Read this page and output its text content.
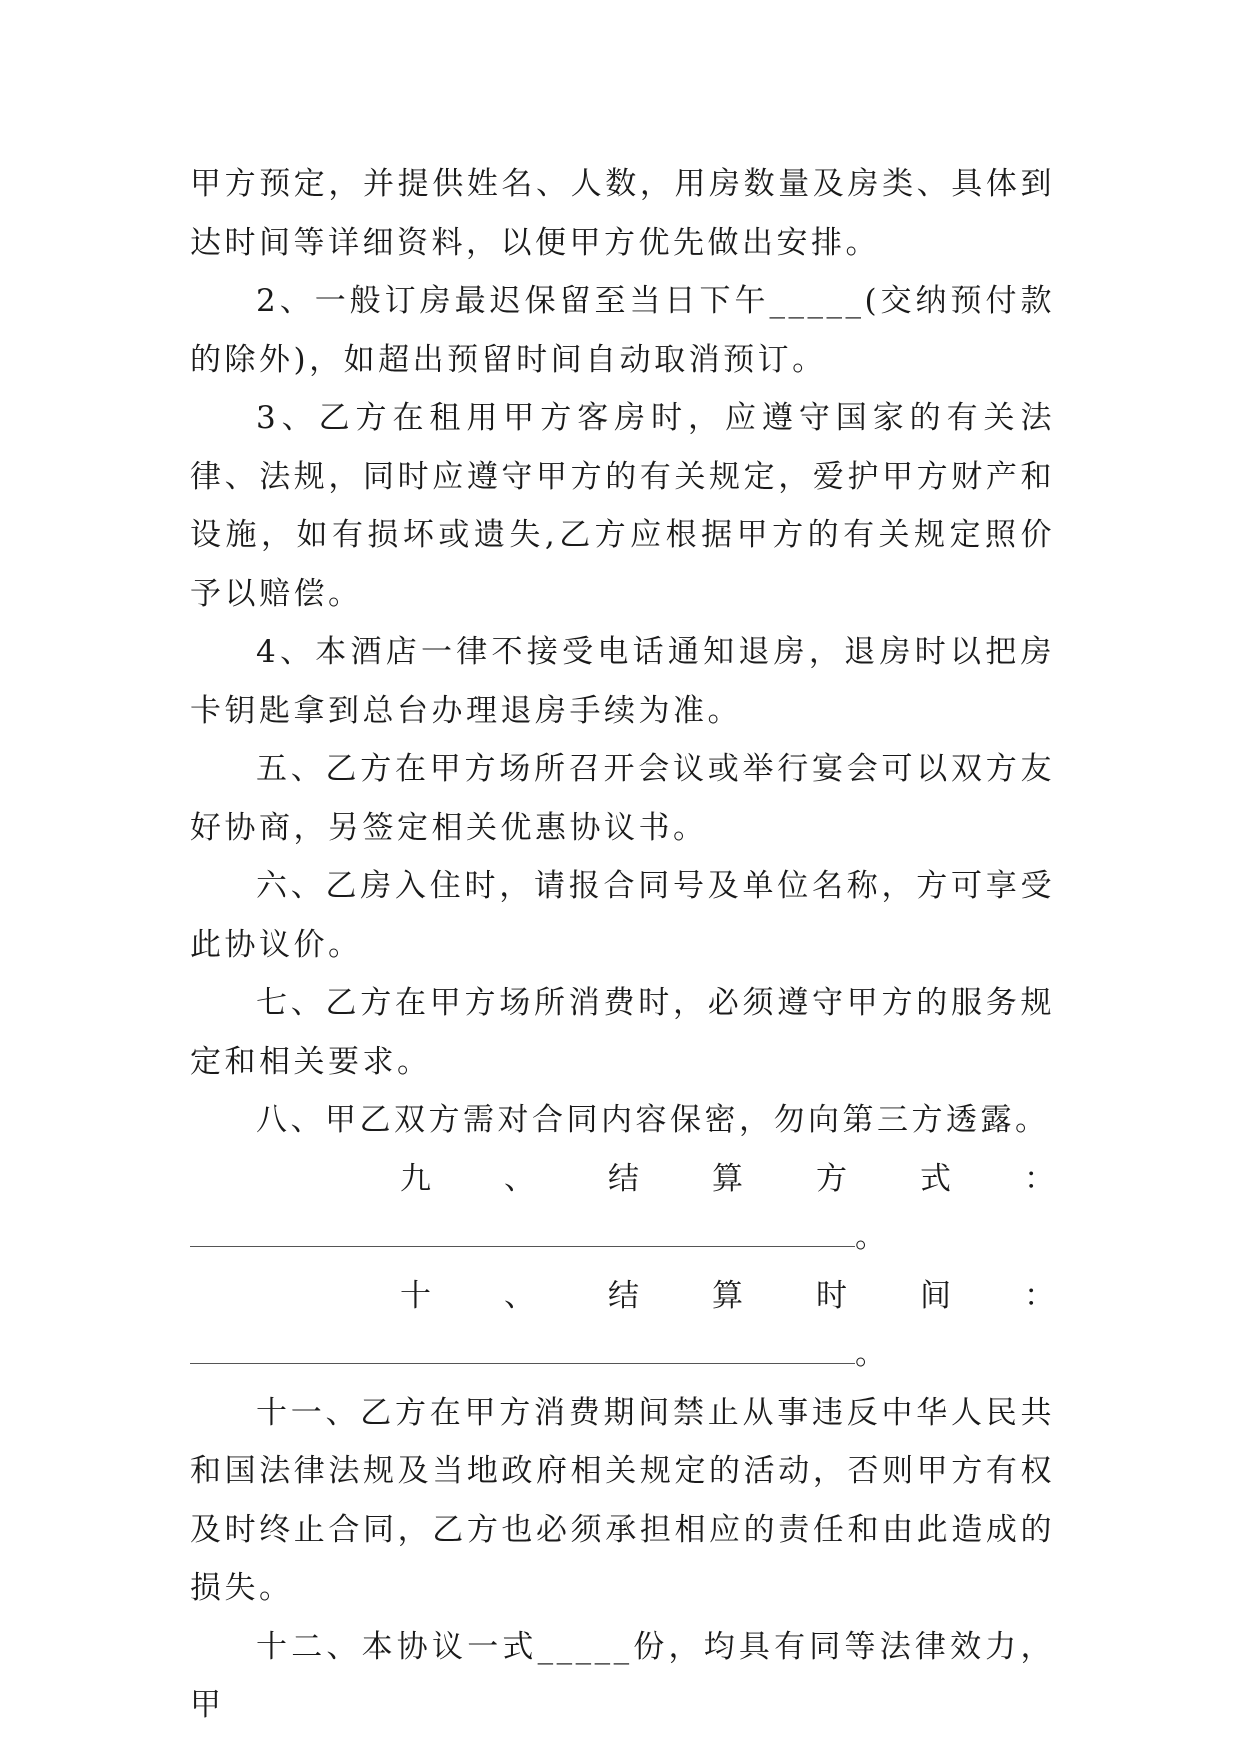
甲方预定，并提供姓名、人数，用房数量及房类、具体到达时间等详细资料，以便甲方优先做出安排。

2、一般订房最迟保留至当日下午_____(交纳预付款的除外)，如超出预留时间自动取消预订。

3、乙方在租用甲方客房时，应遵守国家的有关法律、法规，同时应遵守甲方的有关规定，爱护甲方财产和设施，如有损坏或遗失,乙方应根据甲方的有关规定照价予以赔偿。

4、本酒店一律不接受电话通知退房，退房时以把房卡钥匙拿到总台办理退房手续为准。

五、乙方在甲方场所召开会议或举行宴会可以双方友好协商，另签定相关优惠协议书。

六、乙房入住时，请报合同号及单位名称，方可享受此协议价。

七、乙方在甲方场所消费时，必须遵守甲方的服务规定和相关要求。

八、甲乙双方需对合同内容保密，勿向第三方透露。

九 、 结 算 方 式 ：
。
十 、 结 算 时 间 ：
。

十一、乙方在甲方消费期间禁止从事违反中华人民共和国法律法规及当地政府相关规定的活动，否则甲方有权及时终止合同，乙方也必须承担相应的责任和由此造成的损失。

十二、本协议一式_____份，均具有同等法律效力，甲
